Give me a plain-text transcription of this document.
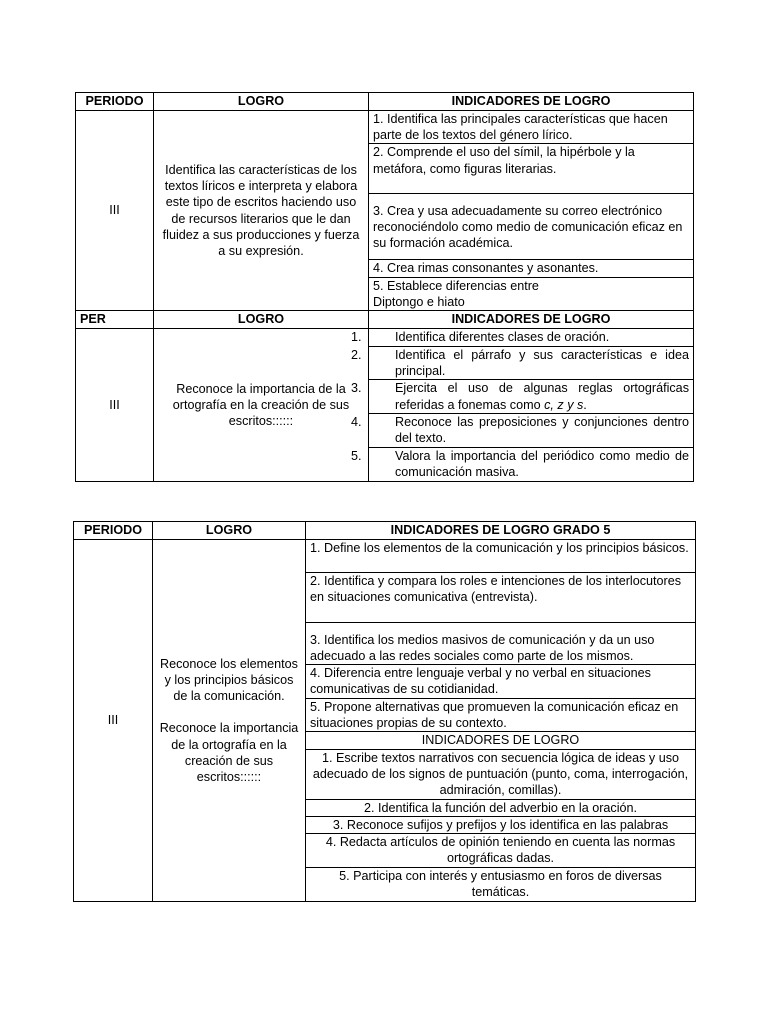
PERIODO	LOGRO	INDICADORES DE LOGRO
III	Identifica las características de los textos líricos e interpreta y elabora este tipo de escritos haciendo uso de recursos literarios que le dan fluidez a sus producciones y fuerza a su expresión.	1. Identifica las principales características que hacen parte de los textos del género lírico.
		2. Comprende el uso del símil, la hipérbole y la metáfora, como figuras literarias.
		3. Crea y usa adecuadamente su correo electrónico reconociéndolo como medio de comunicación eficaz en su formación académica.
		4. Crea rimas consonantes y asonantes.
		5. Establece diferencias entre
		Diptongo e hiato
PER	LOGRO	INDICADORES DE LOGRO
III	Reconoce la importancia de la ortografía en la creación de sus escritos::::::	1. Identifica diferentes clases de oración.
		2. Identifica el párrafo y sus características e idea principal.
		3. Ejercita el uso de algunas reglas ortográficas referidas a fonemas como c, z y s.
		4. Reconoce las preposiciones y conjunciones dentro del texto.
		5. Valora la importancia del periódico como medio de comunicación masiva.
PERIODO	LOGRO	INDICADORES DE LOGRO GRADO 5
III	Reconoce los elementos y los principios básicos de la comunicación.
Reconoce la importancia de la ortografía en la creación de sus escritos::::::	1. Define los elementos de la comunicación y los principios básicos.
		2. Identifica y compara los roles e intenciones de los interlocutores en situaciones comunicativa (entrevista).
		3. Identifica los medios masivos de comunicación y da un uso adecuado a las redes sociales como parte de los mismos.
		4. Diferencia entre lenguaje verbal y no verbal en situaciones comunicativas de su cotidianidad.
		5. Propone alternativas que promueven la comunicación eficaz en situaciones propias de su contexto.
		INDICADORES DE LOGRO
		1. Escribe textos narrativos con secuencia lógica de ideas y uso adecuado de los signos de puntuación (punto, coma, interrogación, admiración, comillas).
		2. Identifica la función del adverbio en la oración.
		3. Reconoce sufijos y prefijos y los identifica en las palabras
		4. Redacta artículos de opinión teniendo en cuenta las normas ortográficas dadas.
		5. Participa con interés y entusiasmo en foros de diversas temáticas.
